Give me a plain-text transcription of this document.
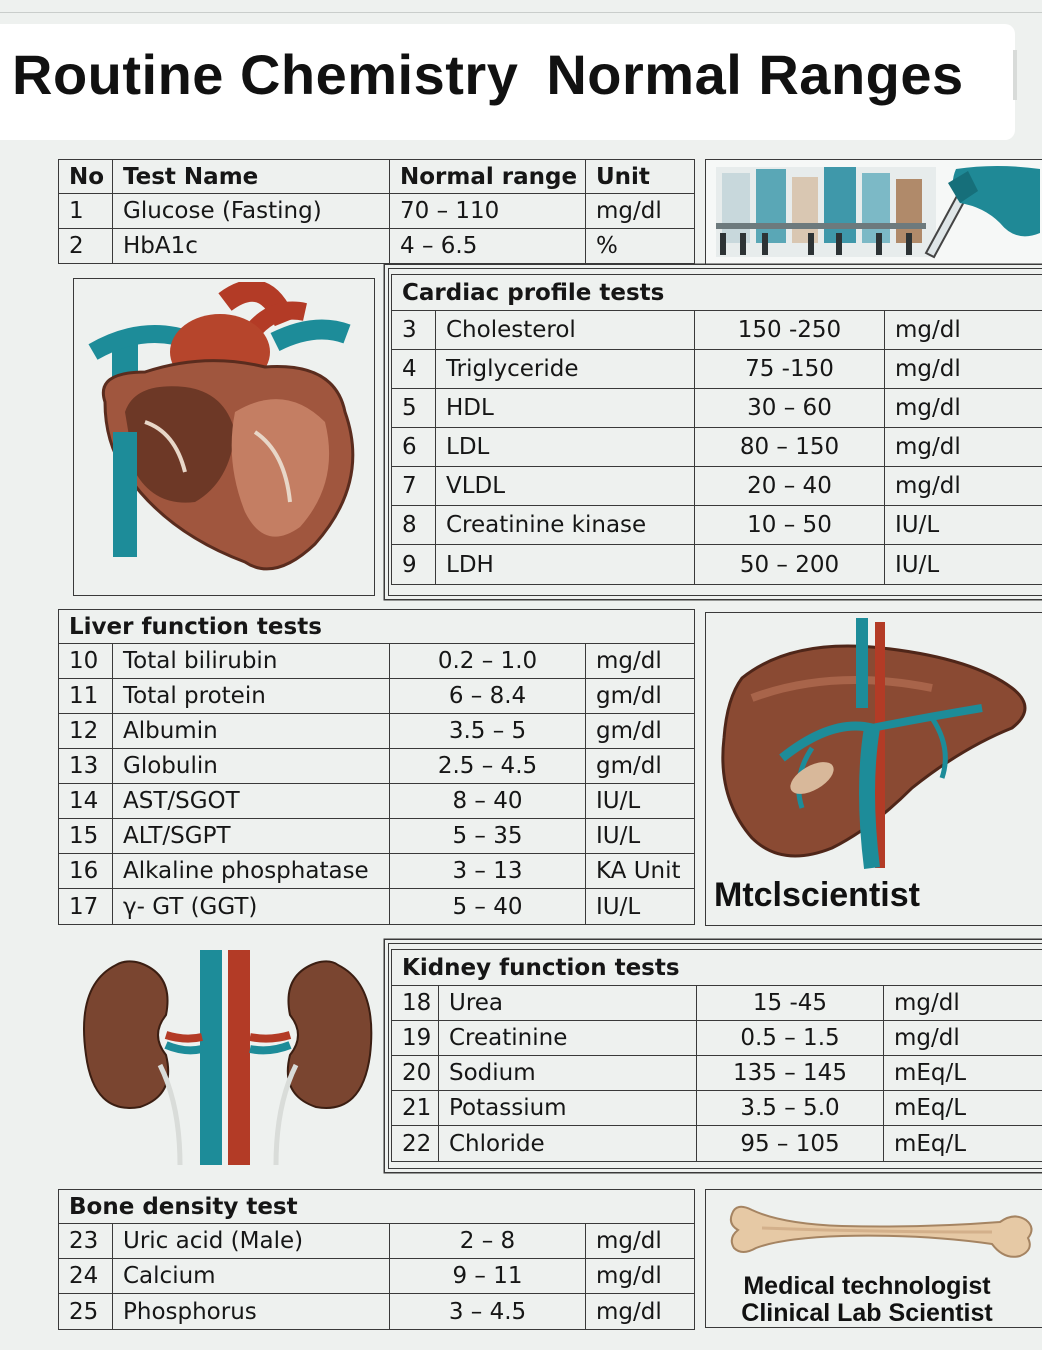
Routine Chemistry Normal Ranges
No	Test Name	Normal range	Unit
1	Glucose (Fasting)	70 – 110	mg/dl
2	HbA1c	4 – 6.5	%
Cardiac profile tests			
3	Cholesterol	150 -250	mg/dl
4	Triglyceride	75 -150	mg/dl
5	HDL	30 – 60	mg/dl
6	LDL	80 – 150	mg/dl
7	VLDL	20 – 40	mg/dl
8	Creatinine kinase	10 – 50	IU/L
9	LDH	50 – 200	IU/L
Liver function tests			
10	Total bilirubin	0.2 – 1.0	mg/dl
11	Total protein	6 – 8.4	gm/dl
12	Albumin	3.5 – 5	gm/dl
13	Globulin	2.5 – 4.5	gm/dl
14	AST/SGOT	8 – 40	IU/L
15	ALT/SGPT	5 – 35	IU/L
16	Alkaline phosphatase	3 – 13	KA Unit
17	γ- GT (GGT)	5 – 40	IU/L Mtclscientist
Kidney function tests			
18	Urea	15 -45	mg/dl
19	Creatinine	0.5 – 1.5	mg/dl
20	Sodium	135 – 145	mEq/L
21	Potassium	3.5 – 5.0	mEq/L
22	Chloride	95 – 105	mEq/L
Bone density test			
23	Uric acid (Male)	2 – 8	mg/dl
24	Calcium	9 – 11	mg/dl
25	Phosphorus	3 – 4.5	mg/dl
Medical technologist
Clinical Lab Scientist
